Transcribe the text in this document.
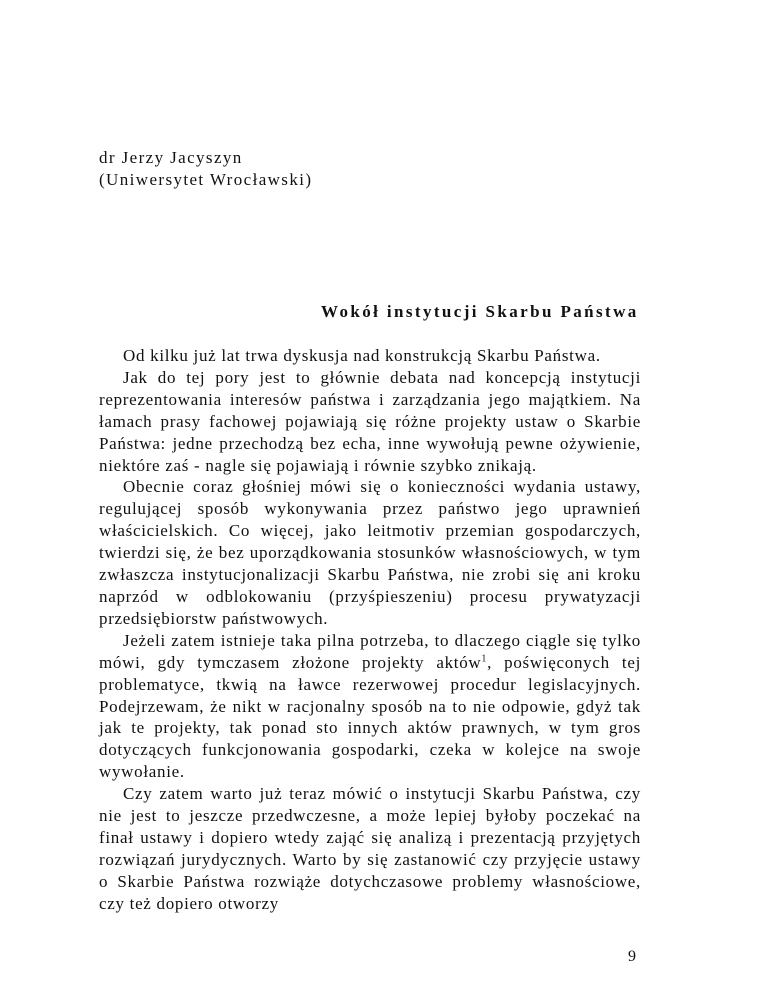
dr Jerzy Jacyszyn
(Uniwersytet Wrocławski)
Wokół instytucji Skarbu Państwa

Od kilku już lat trwa dyskusja nad konstrukcją Skarbu Państwa.

Jak do tej pory jest to głównie debata nad koncepcją instytucji reprezentowania interesów państwa i zarządzania jego majątkiem. Na łamach prasy fachowej pojawiają się różne projekty ustaw o Skarbie Państwa: jedne przechodzą bez echa, inne wywołują pewne ożywienie, niektóre zaś - nagle się pojawiają i równie szybko znikają.

Obecnie coraz głośniej mówi się o konieczności wydania ustawy, regulującej sposób wykonywania przez państwo jego uprawnień właścicielskich. Co więcej, jako leitmotiv przemian gospodarczych, twierdzi się, że bez uporządkowania stosunków własnościowych, w tym zwłaszcza instytucjonalizacji Skarbu Państwa, nie zrobi się ani kroku naprzód w odblokowaniu (przyśpieszeniu) procesu prywatyzacji przedsiębiorstw państwowych.

Jeżeli zatem istnieje taka pilna potrzeba, to dlaczego ciągle się tylko mówi, gdy tymczasem złożone projekty aktów$^1$, poświęconych tej problematyce, tkwią na ławce rezerwowej procedur legislacyjnych. Podejrzewam, że nikt w racjonalny sposób na to nie odpowie, gdyż tak jak te projekty, tak ponad sto innych aktów prawnych, w tym gros dotyczących funkcjonowania gospodarki, czeka w kolejce na swoje wywołanie.

Czy zatem warto już teraz mówić o instytucji Skarbu Państwa, czy nie jest to jeszcze przedwczesne, a może lepiej byłoby poczekać na finał ustawy i dopiero wtedy zająć się analizą i prezentacją przyjętych rozwiązań jurydycznych. Warto by się zastanowić czy przyjęcie ustawy o Skarbie Państwa rozwiąże dotychczasowe problemy własnościowe, czy też dopiero otworzy

9
